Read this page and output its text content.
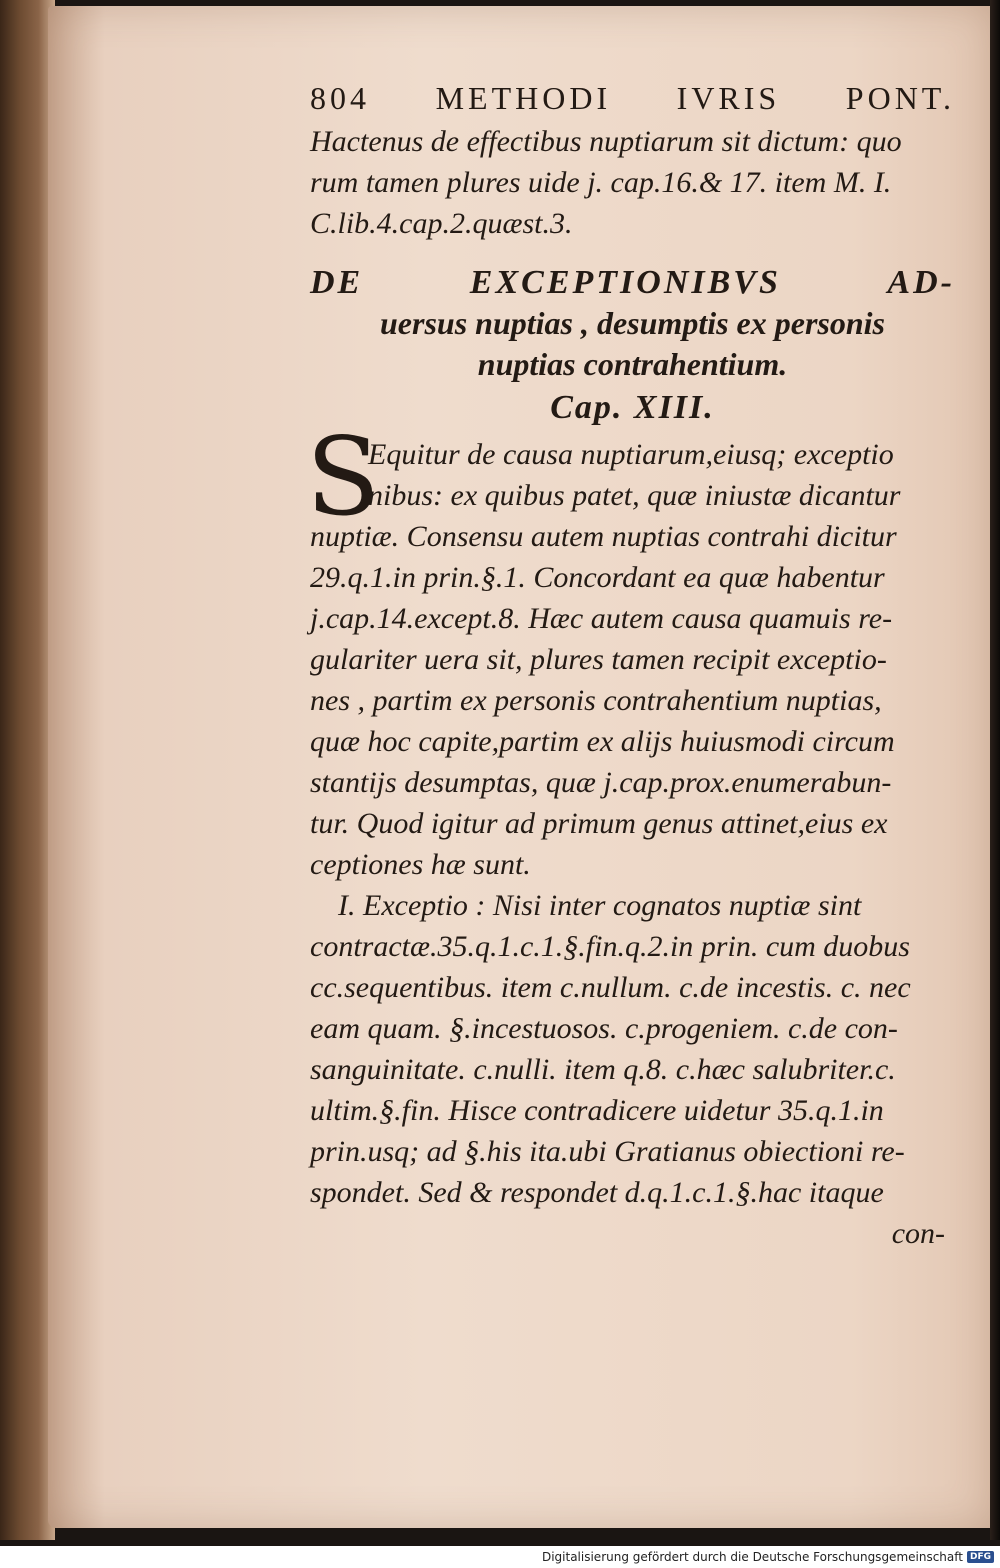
804 METHODI IVRIS PONT.
Hactenus de effectibus nuptiarum sit dictum: quo
rum tamen plures uide j. cap.16.& 17. item M. I.
C.lib.4.cap.2.quæst.3.
DE	EXCEPTIONIBVS	AD-
uersus nuptias , desumptis ex personis
nuptias contrahentium.
Cap. XIII.
S
Equitur de causa nuptiarum,eiusq; exceptio
nibus: ex quibus patet, quæ iniustæ dicantur
nuptiæ. Consensu autem nuptias contrahi dicitur
29.q.1.in prin.§.1. Concordant ea quæ habentur
j.cap.14.except.8. Hæc autem causa quamuis re-
gulariter uera sit, plures tamen recipit exceptio-
nes , partim ex personis contrahentium nuptias,
quæ hoc capite,partim ex alijs huiusmodi circum
stantijs desumptas, quæ j.cap.prox.enumerabun-
tur. Quod igitur ad primum genus attinet,eius ex
ceptiones hæ sunt.
I. Exceptio : Nisi inter cognatos nuptiæ sint
contractæ.35.q.1.c.1.§.fin.q.2.in prin. cum duobus
cc.sequentibus. item c.nullum. c.de incestis. c. nec
eam quam. §.incestuosos. c.progeniem. c.de con-
sanguinitate. c.nulli. item q.8. c.hæc salubriter.c.
ultim.§.fin. Hisce contradicere uidetur 35.q.1.in
prin.usq; ad §.his ita.ubi Gratianus obiectioni re-
spondet. Sed & respondet d.q.1.c.1.§.hac itaque
con-
Digitalisierung gefördert durch die Deutsche Forschungsgemeinschaft DFG
